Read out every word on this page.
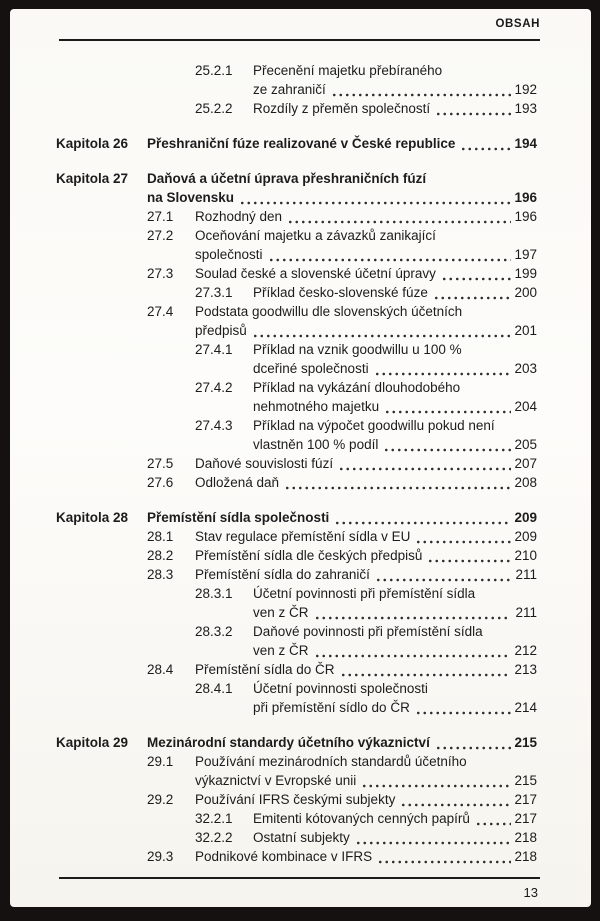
OBSAH
25.2.1	Přecenění majetku přebíraného
ze zahraničí	192
25.2.2	Rozdíly z přeměn společností	193
Kapitola 26	Přeshraniční fúze realizované v České republice	194
Kapitola 27	Daňová a účetní úprava přeshraničních fúzí
na Slovensku	196
27.1	Rozhodný den	196
27.2	Oceňování majetku a závazků zanikající
společnosti	197
27.3	Soulad české a slovenské účetní úpravy	199
27.3.1	Příklad česko-slovenské fúze	200
27.4	Podstata goodwillu dle slovenských účetních
předpisů	201
27.4.1	Příklad na vznik goodwillu u 100 %
dceřiné společnosti	203
27.4.2	Příklad na vykázání dlouhodobého
nehmotného majetku	204
27.4.3	Příklad na výpočet goodwillu pokud není
vlastněn 100 % podíl	205
27.5	Daňové souvislosti fúzí	207
27.6	Odložená daň	208
Kapitola 28	Přemístění sídla společnosti	209
28.1	Stav regulace přemístění sídla v EU	209
28.2	Přemístění sídla dle českých předpisů	210
28.3	Přemístění sídla do zahraničí	211
28.3.1	Účetní povinnosti při přemístění sídla
ven z ČR	211
28.3.2	Daňové povinnosti při přemístění sídla
ven z ČR	212
28.4	Přemístění sídla do ČR	213
28.4.1	Účetní povinnosti společnosti
při přemístění sídlo do ČR	214
Kapitola 29	Mezinárodní standardy účetního výkaznictví	215
29.1	Používání mezinárodních standardů účetního
výkaznictví v Evropské unii	215
29.2	Používání IFRS českými subjekty	217
32.2.1	Emitenti kótovaných cenných papírů	217
32.2.2	Ostatní subjekty	218
29.3	Podnikové kombinace v IFRS	218
13
